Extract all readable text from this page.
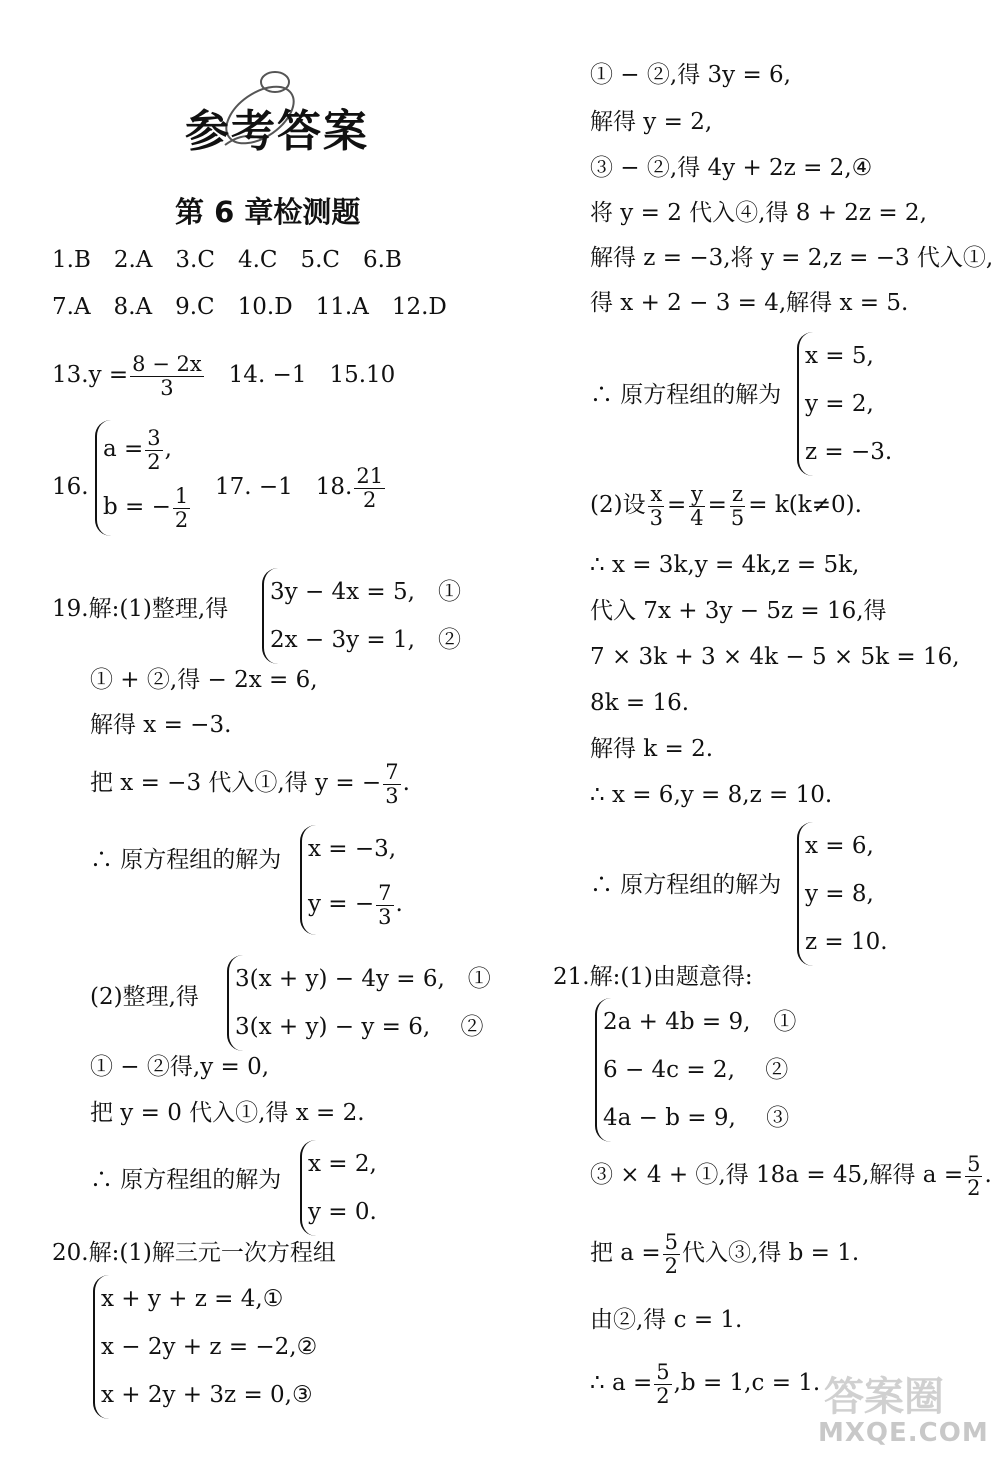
参考答案
第 6 章检测题
1.B　2.A　3.C　4.C　5.C　6.B
7.A　8.A　9.C　10.D　11.A　12.D
$13.y = \frac{8 - 2x}{3}$
　 14. −1　15.10
16.
$a = \frac{3}{2}$ ,
b = − $\frac{1}{2} 17$. −1　18. $\frac{21}{2}$
19.解:(1)整理,得
3y − 4x = 5,　①
2x − 3y = 1,　②
① + ②,得 − 2x = 6,
解得 x = −3.
把 x = −3 代入①,得 y = − $\frac{7}{3}$ .
∴ 原方程组的解为 x = −3,
y = − $\frac{7}{3}$ .
(2)整理,得
3(x + y) − 4y = 6,　①
3(x + y) − y = 6,　 ②
① − ②得,y = 0,
把 y = 0 代入①,得 x = 2.
∴ 原方程组的解为
x = 2,
y = 0.
20.解:(1)解三元一次方程组
x + y + z = 4,①
x − 2y + z = −2,②
x + 2y + 3z = 0,③
① − ②,得 3y = 6,
解得 y = 2,
③ − ②,得 4y + 2z = 2,④
将 y = 2 代入④,得 8 + 2z = 2,
解得 z = −3,将 y = 2,z = −3 代入①,
得 x + 2 − 3 = 4,解得 x = 5.
∴ 原方程组的解为
x = 5,
y = 2,
z = −3.
(2)设 $\frac{x}{3} = \frac{y}{4} = \frac{z}{5} = k(k\ne 0)$.
∴ x = 3k,y = 4k,z = 5k,
代入 7x + 3y − 5z = 16,得
7 × 3k + 3 × 4k − 5 × 5k = 16,
8k = 16.
解得 k = 2.
∴ x = 6,y = 8,z = 10.
∴ 原方程组的解为
x = 6,
y = 8,
z = 10.
21.解:(1)由题意得:
2a + 4b = 9,　①
6 − 4c = 2,　 ②
4a − b = 9,　 ③
③ × 4 + ①,得 18a = 45,解得 $a = \frac{5}{2}$ .
把 $a = \frac{5}{2}$ 代入③,得 b = 1.
由②,得 c = 1.
∴ $a = \frac{5}{2} ,b = 1,c = 1$. 答案圈
MXQE.COM
